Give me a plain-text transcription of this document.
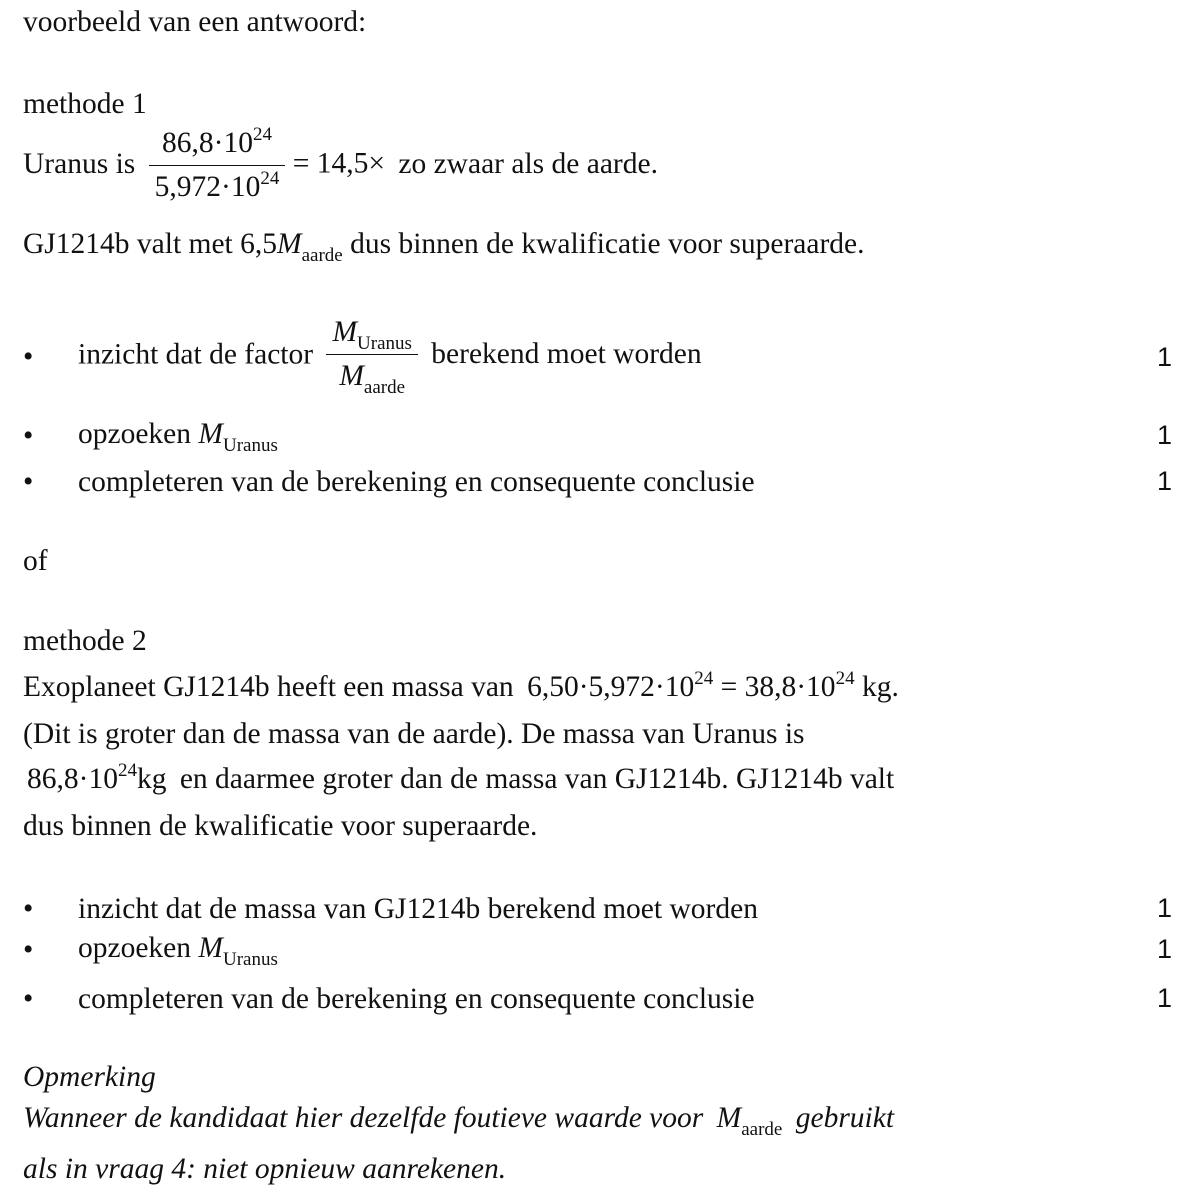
voorbeeld van een antwoord:
methode 1
Uranus is $\frac{86,8\cdot 10^{24}}{5,972\cdot 10^{24}} = 14,5\times$ zo zwaar als de aarde.
GJ1214b valt met $6,5M_{aarde}$ dus binnen de kwalificatie voor superaarde.
• inzicht dat de factor $\frac{M_{Uranus}}{M_{aarde}}$ berekend moet worden	1
• opzoeken $M_{Uranus}$	1
• completeren van de berekening en consequente conclusie	1
of
methode 2
Exoplaneet GJ1214b heeft een massa van $6,50\cdot 5,972\cdot 10^{24} = 38,8\cdot 10^{24}$ kg.
(Dit is groter dan de massa van de aarde). De massa van Uranus is
$86,8\cdot 10^{24}kg$ en daarmee groter dan de massa van GJ1214b. GJ1214b valt
dus binnen de kwalificatie voor superaarde.
• inzicht dat de massa van GJ1214b berekend moet worden	1
• opzoeken $M_{Uranus}$	1
• completeren van de berekening en consequente conclusie	1
Opmerking
Wanneer de kandidaat hier dezelfde foutieve waarde voor $M_{aarde}$ gebruikt
als in vraag 4: niet opnieuw aanrekenen.
